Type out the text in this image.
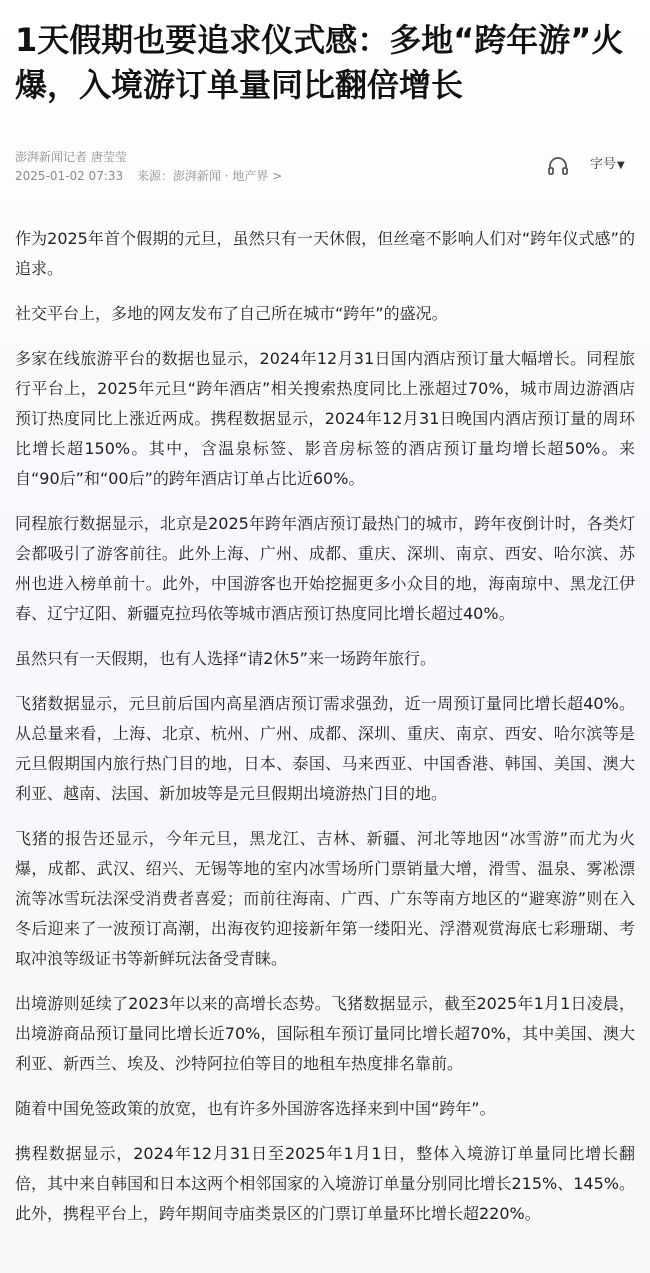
1天假期也要追求仪式感：多地“跨年游”火爆，入境游订单量同比翻倍增长
澎湃新闻记者 唐莹莹
2025-01-02 07:33 来源：澎湃新闻 · 地产界 >
字号▼

作为2025年首个假期的元旦，虽然只有一天休假，但丝毫不影响人们对“跨年仪式感”的追求。

社交平台上，多地的网友发布了自己所在城市“跨年”的盛况。

多家在线旅游平台的数据也显示，2024年12月31日国内酒店预订量大幅增长。同程旅行平台上，2025年元旦“跨年酒店”相关搜索热度同比上涨超过70%，城市周边游酒店预订热度同比上涨近两成。携程数据显示，2024年12月31日晚国内酒店预订量的周环比增长超150%。其中，含温泉标签、影音房标签的酒店预订量均增长超50%。来自“90后”和“00后”的跨年酒店订单占比近60%。

同程旅行数据显示，北京是2025年跨年酒店预订最热门的城市，跨年夜倒计时，各类灯会都吸引了游客前往。此外上海、广州、成都、重庆、深圳、南京、西安、哈尔滨、苏州也进入榜单前十。此外，中国游客也开始挖掘更多小众目的地，海南琼中、黑龙江伊春、辽宁辽阳、新疆克拉玛依等城市酒店预订热度同比增长超过40%。

虽然只有一天假期，也有人选择“请2休5”来一场跨年旅行。

飞猪数据显示，元旦前后国内高星酒店预订需求强劲，近一周预订量同比增长超40%。从总量来看，上海、北京、杭州、广州、成都、深圳、重庆、南京、西安、哈尔滨等是元旦假期国内旅行热门目的地，日本、泰国、马来西亚、中国香港、韩国、美国、澳大利亚、越南、法国、新加坡等是元旦假期出境游热门目的地。

飞猪的报告还显示，今年元旦，黑龙江、吉林、新疆、河北等地因“冰雪游”而尤为火爆，成都、武汉、绍兴、无锡等地的室内冰雪场所门票销量大增，滑雪、温泉、雾凇漂流等冰雪玩法深受消费者喜爱；而前往海南、广西、广东等南方地区的“避寒游”则在入冬后迎来了一波预订高潮，出海夜钓迎接新年第一缕阳光、浮潜观赏海底七彩珊瑚、考取冲浪等级证书等新鲜玩法备受青睐。

出境游则延续了2023年以来的高增长态势。飞猪数据显示，截至2025年1月1日凌晨，出境游商品预订量同比增长近70%，国际租车预订量同比增长超70%，其中美国、澳大利亚、新西兰、埃及、沙特阿拉伯等目的地租车热度排名靠前。

随着中国免签政策的放宽，也有许多外国游客选择来到中国“跨年”。

携程数据显示，2024年12月31日至2025年1月1日，整体入境游订单量同比增长翻倍，其中来自韩国和日本这两个相邻国家的入境游订单量分别同比增长215%、145%。此外，携程平台上，跨年期间寺庙类景区的门票订单量环比增长超220%。
